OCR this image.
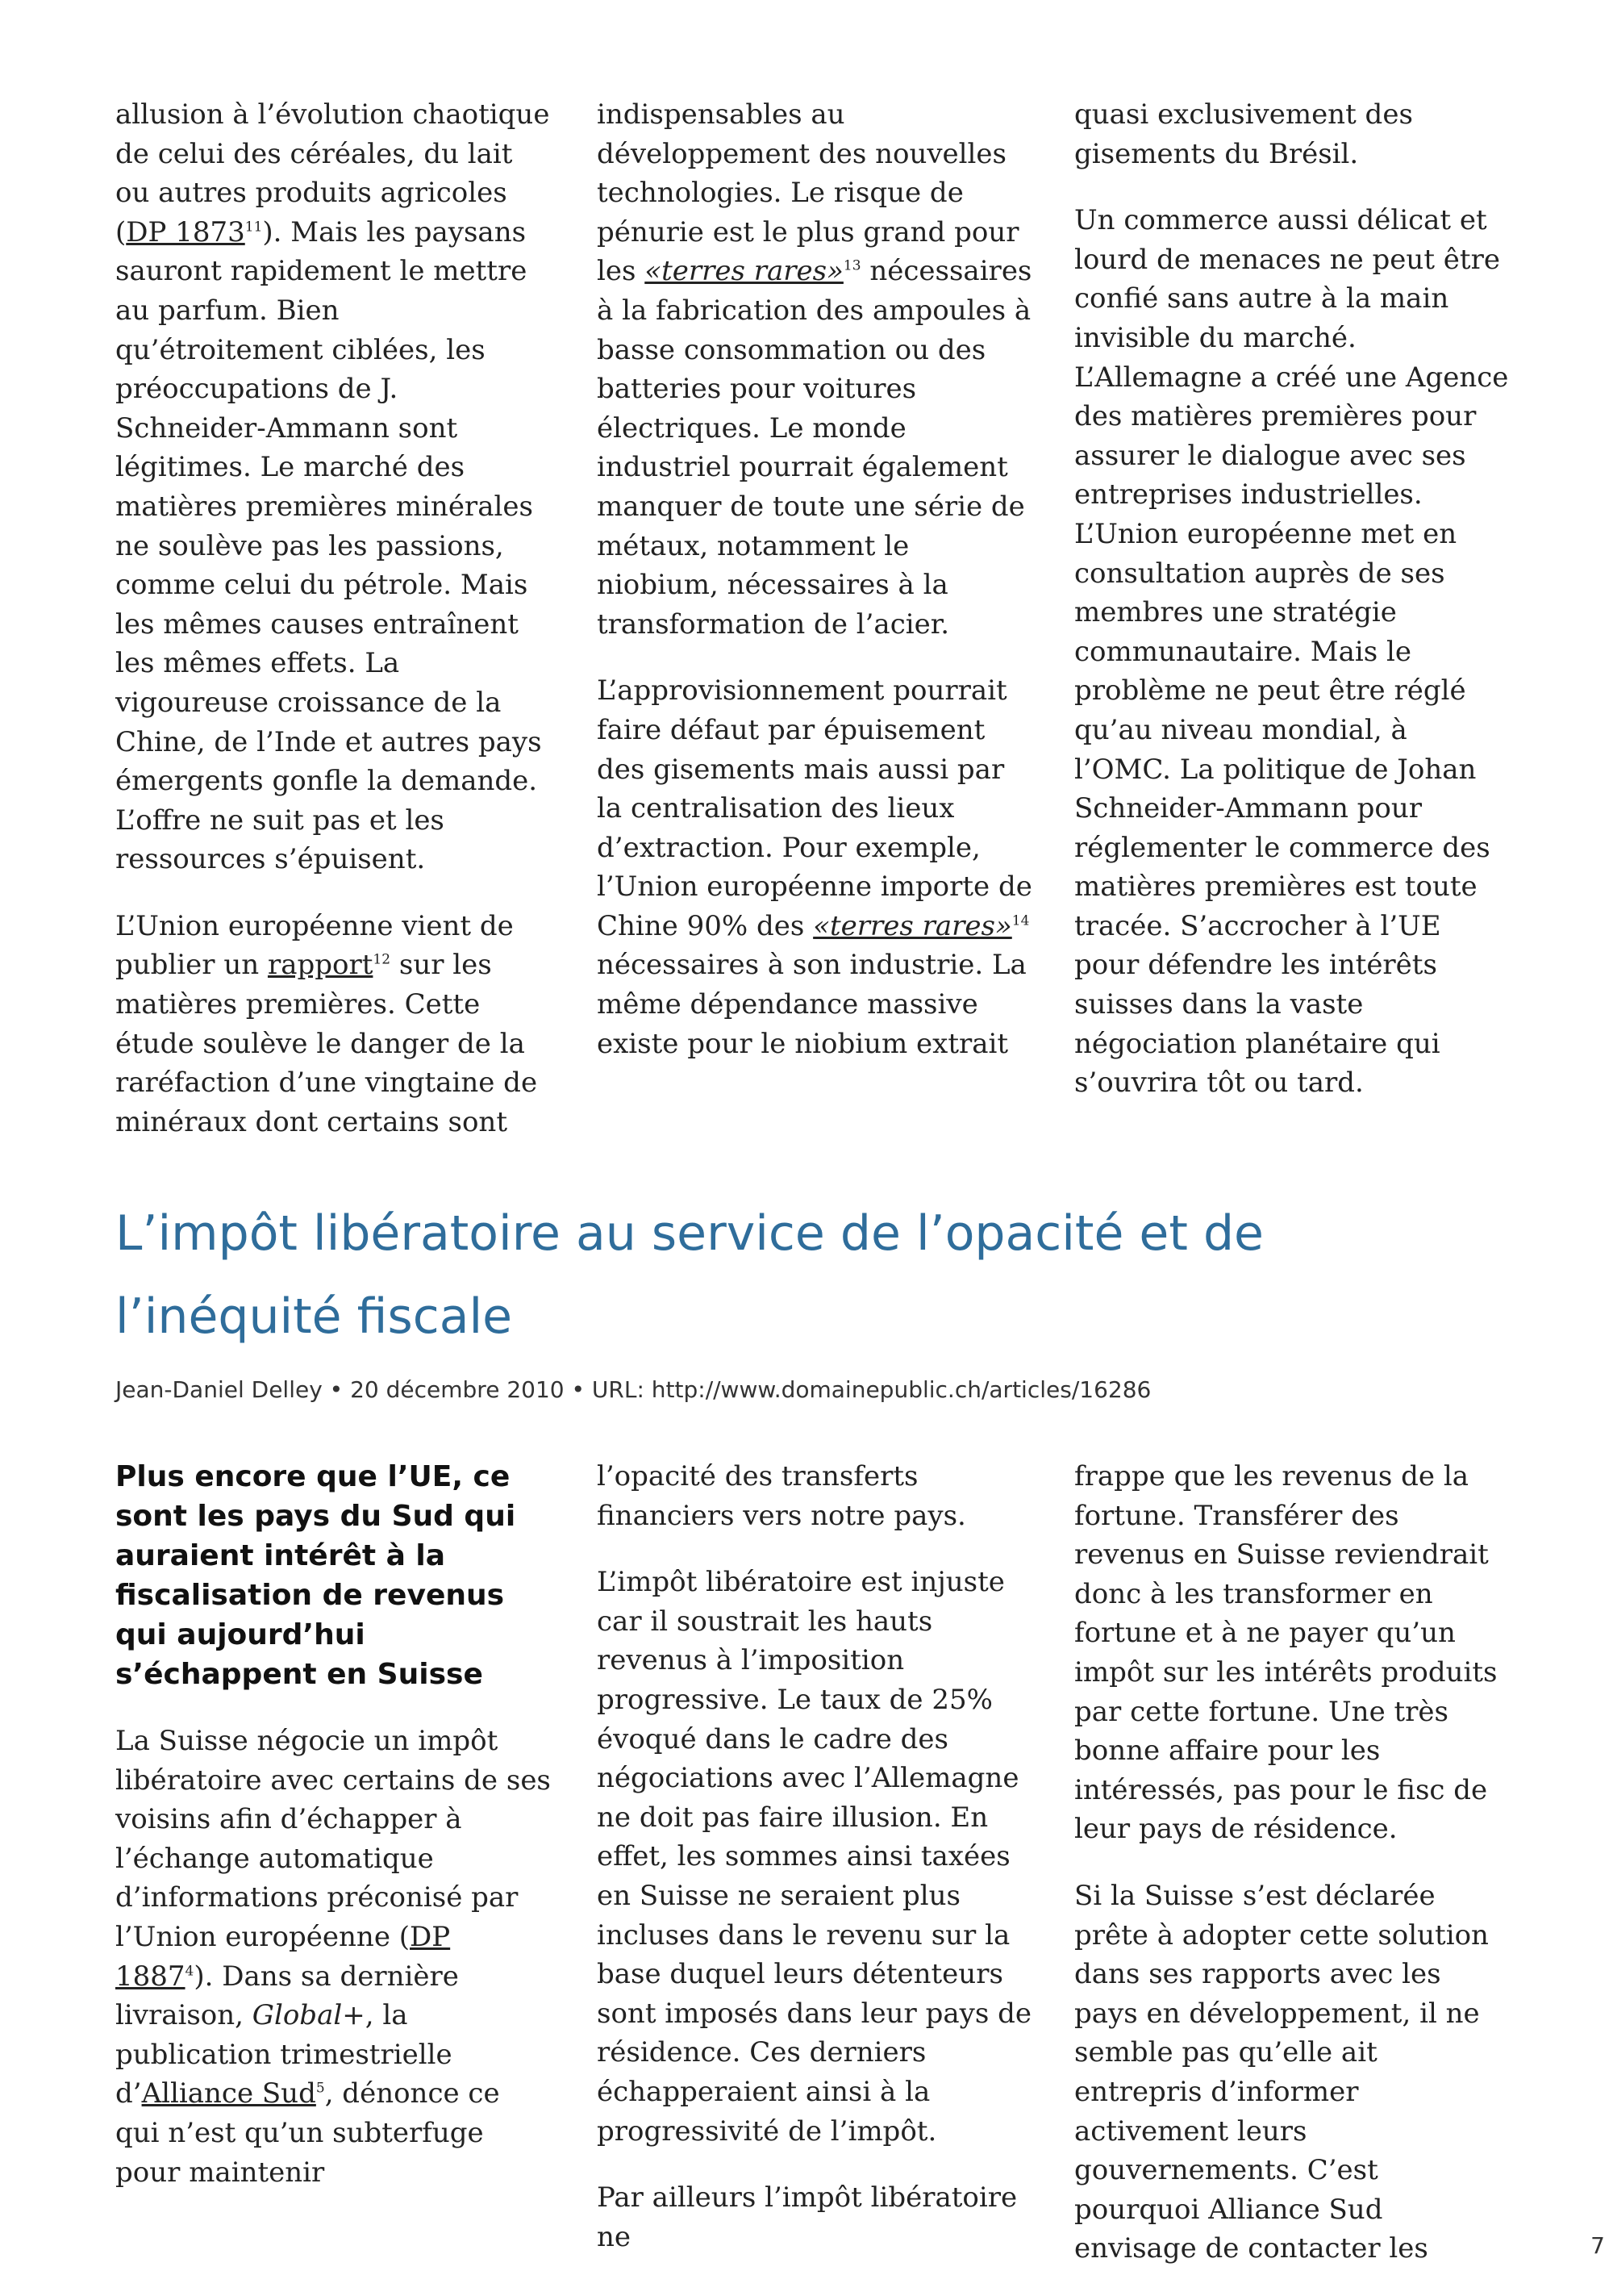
allusion à l’évolution chaotique de celui des céréales, du lait ou autres produits agricoles (DP 1873$^{11}$). Mais les paysans sauront rapidement le mettre au parfum. Bien qu’étroitement ciblées, les préoccupations de J. Schneider-Ammann sont légitimes. Le marché des matières premières minérales ne soulève pas les passions, comme celui du pétrole. Mais les mêmes causes entraînent les mêmes effets. La vigoureuse croissance de la Chine, de l’Inde et autres pays émergents gonfle la demande. L’offre ne suit pas et les ressources s’épuisent.

L’Union européenne vient de publier un rapport$^{12}$ sur les matières premières. Cette étude soulève le danger de la raréfaction d’une vingtaine de minéraux dont certains sont

indispensables au développement des nouvelles technologies. Le risque de pénurie est le plus grand pour les «terres rares»$^{13}$ nécessaires à la fabrication des ampoules à basse consommation ou des batteries pour voitures électriques. Le monde industriel pourrait également manquer de toute une série de métaux, notamment le niobium, nécessaires à la transformation de l’acier.

L’approvisionnement pourrait faire défaut par épuisement des gisements mais aussi par la centralisation des lieux d’extraction. Pour exemple, l’Union européenne importe de Chine 90% des «terres rares»$^{14}$ nécessaires à son industrie. La même dépendance massive existe pour le niobium extrait

quasi exclusivement des gisements du Brésil.

Un commerce aussi délicat et lourd de menaces ne peut être confié sans autre à la main invisible du marché. L’Allemagne a créé une Agence des matières premières pour assurer le dialogue avec ses entreprises industrielles. L’Union européenne met en consultation auprès de ses membres une stratégie communautaire. Mais le problème ne peut être réglé qu’au niveau mondial, à l’OMC. La politique de Johan Schneider-Ammann pour réglementer le commerce des matières premières est toute tracée. S’accrocher à l’UE pour défendre les intérêts suisses dans la vaste négociation planétaire qui s’ouvrira tôt ou tard.

L’impôt libératoire au service de l’opacité et de l’inéquité fiscale
Jean-Daniel Delley • 20 décembre 2010 • URL: http://www.domainepublic.ch/articles/16286

Plus encore que l’UE, ce sont les pays du Sud qui auraient intérêt à la fiscalisation de revenus qui aujourd’hui s’échappent en Suisse

La Suisse négocie un impôt libératoire avec certains de ses voisins afin d’échapper à l’échange automatique d’informations préconisé par l’Union européenne (DP 1887$^4$). Dans sa dernière livraison, Global+, la publication trimestrielle d’Alliance Sud$^5$, dénonce ce qui n’est qu’un subterfuge pour maintenir

l’opacité des transferts financiers vers notre pays.

L’impôt libératoire est injuste car il soustrait les hauts revenus à l’imposition progressive. Le taux de 25% évoqué dans le cadre des négociations avec l’Allemagne ne doit pas faire illusion. En effet, les sommes ainsi taxées en Suisse ne seraient plus incluses dans le revenu sur la base duquel leurs détenteurs sont imposés dans leur pays de résidence. Ces derniers échapperaient ainsi à la progressivité de l’impôt.

Par ailleurs l’impôt libératoire ne

frappe que les revenus de la fortune. Transférer des revenus en Suisse reviendrait donc à les transformer en fortune et à ne payer qu’un impôt sur les intérêts produits par cette fortune. Une très bonne affaire pour les intéressés, pas pour le fisc de leur pays de résidence.

Si la Suisse s’est déclarée prête à adopter cette solution dans ses rapports avec les pays en développement, il ne semble pas qu’elle ait entrepris d’informer activement leurs gouvernements. C’est pourquoi Alliance Sud envisage de contacter les	7
